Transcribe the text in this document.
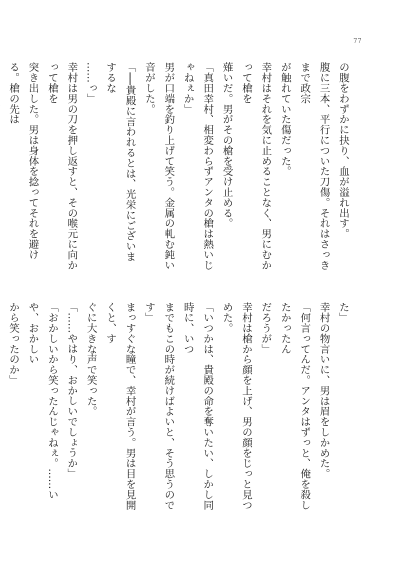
77
の腹をわずかに抉り、血が溢れ出す。
腹に三本、平行についた刀傷。それはさっきまで政宗
が触れていた傷だった。
幸村はそれを気に止めることなく、男にむかって槍を
薙いだ。男がその槍を受け止める。
「真田幸村、相変わらずアンタの槍は熱いじゃねぇか」
男が口端を釣り上げて笑う。金属の軋む鈍い音がした。
「──貴殿に言われるとは、光栄にございまするな
……っ」
幸村は男の刀を押し返すと、その喉元に向かって槍を
突き出した。男は身体を捻ってそれを避ける。槍の先は
た」
幸村の物言いに、男は眉をしかめた。
「何言ってんだ。アンタはずっと、俺を殺したかったん
だろうが」
幸村は槍から顔を上げ、男の顔をじっと見つめた。
「いつかは、貴殿の命を奪いたい、しかし同時に、いつ
までもこの時が続けばよいと、そう思うのです」
まっすぐな瞳で、幸村が言う。男は目を見開くと、す
ぐに大きな声で笑った。
「……やはり、おかしいでしょうか」
「おかしいから笑ったんじゃねぇ。……いや、おかしい
から笑ったのか」
